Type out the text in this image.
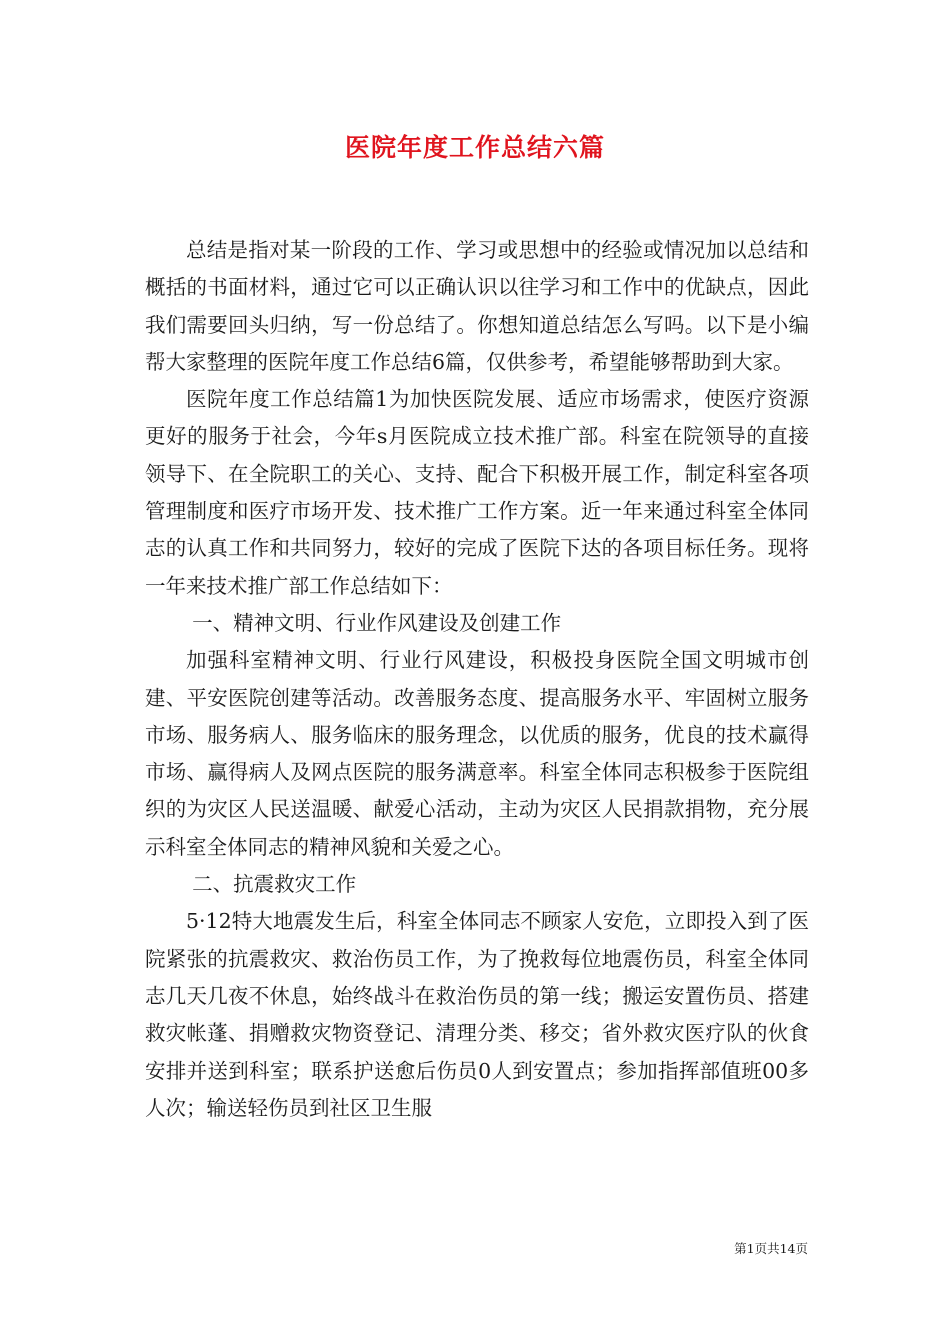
医院年度工作总结六篇

总结是指对某一阶段的工作、学习或思想中的经验或情况加以总结和概括的书面材料，通过它可以正确认识以往学习和工作中的优缺点，因此我们需要回头归纳，写一份总结了。你想知道总结怎么写吗。以下是小编帮大家整理的医院年度工作总结6篇，仅供参考，希望能够帮助到大家。

医院年度工作总结篇1为加快医院发展、适应市场需求，使医疗资源更好的服务于社会，今年s月医院成立技术推广部。科室在院领导的直接领导下、在全院职工的关心、支持、配合下积极开展工作，制定科室各项管理制度和医疗市场开发、技术推广工作方案。近一年来通过科室全体同志的认真工作和共同努力，较好的完成了医院下达的各项目标任务。现将一年来技术推广部工作总结如下：

一、精神文明、行业作风建设及创建工作

加强科室精神文明、行业行风建设，积极投身医院全国文明城市创建、平安医院创建等活动。改善服务态度、提高服务水平、牢固树立服务市场、服务病人、服务临床的服务理念，以优质的服务，优良的技术赢得市场、赢得病人及网点医院的服务满意率。科室全体同志积极参于医院组织的为灾区人民送温暖、献爱心活动，主动为灾区人民捐款捐物，充分展示科室全体同志的精神风貌和关爱之心。

二、抗震救灾工作

5·12特大地震发生后，科室全体同志不顾家人安危，立即投入到了医院紧张的抗震救灾、救治伤员工作，为了挽救每位地震伤员，科室全体同志几天几夜不休息，始终战斗在救治伤员的第一线；搬运安置伤员、搭建救灾帐蓬、捐赠救灾物资登记、清理分类、移交；省外救灾医疗队的伙食安排并送到科室；联系护送愈后伤员0人到安置点；参加指挥部值班00多人次；输送轻伤员到社区卫生服

第1页共14页
